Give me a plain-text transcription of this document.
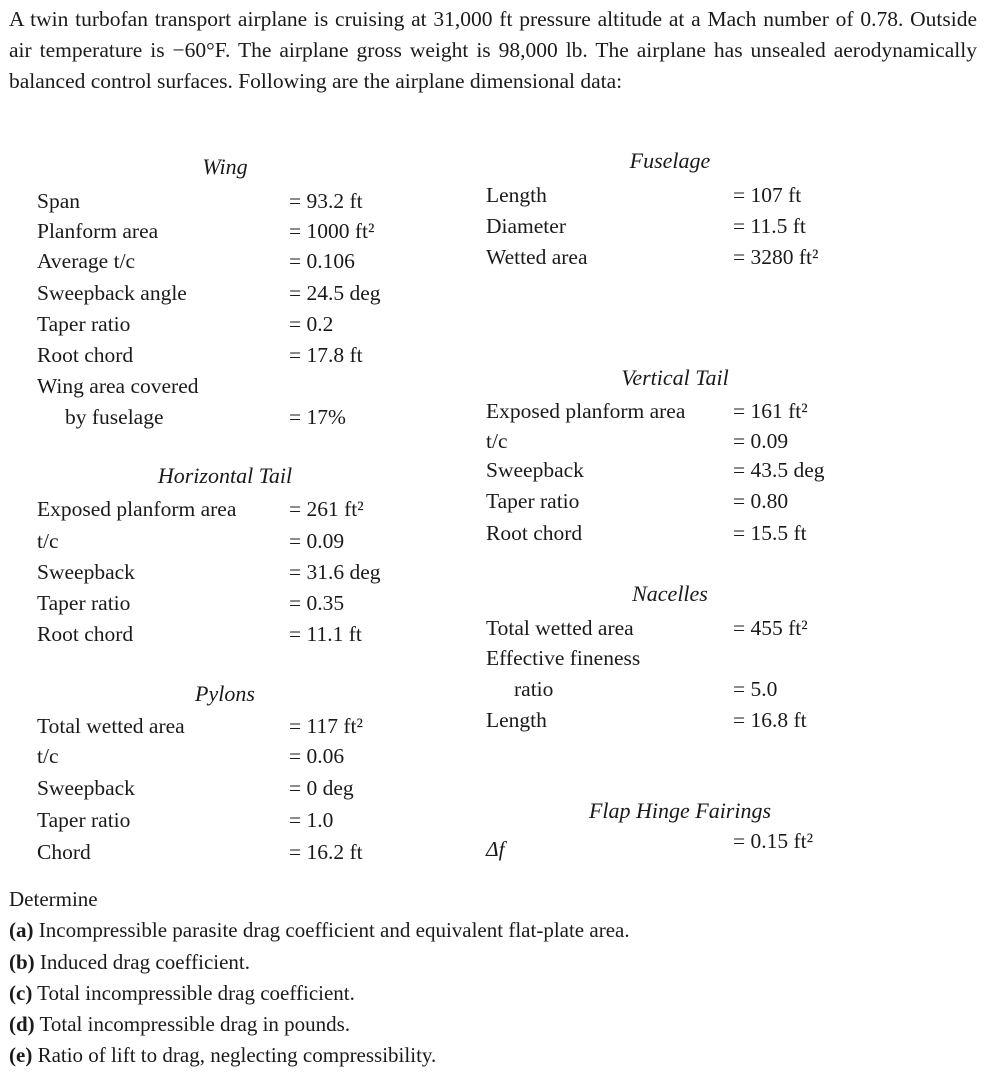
A twin turbofan transport airplane is cruising at 31,000 ft pressure altitude at a Mach number of 0.78. Outside air temperature is −60°F. The airplane gross weight is 98,000 lb. The airplane has unsealed aerodynamically balanced control surfaces. Following are the airplane dimensional data:
Wing
Span	= 93.2 ft
Planform area	= 1000 ft²
Average t/c	= 0.106
Sweepback angle	= 24.5 deg
Taper ratio	= 0.2
Root chord	= 17.8 ft
Wing area covered
by fuselage	= 17%
Horizontal Tail
Exposed planform area = 261 ft²
t/c	= 0.09
Sweepback	= 31.6 deg
Taper ratio	= 0.35
Root chord	= 11.1 ft
Pylons
Total wetted area	= 117 ft²
t/c	= 0.06
Sweepback	= 0 deg
Taper ratio	= 1.0
Chord	= 16.2 ft
Fuselage
Length	= 107 ft
Diameter	= 11.5 ft
Wetted area	= 3280 ft²
Vertical Tail
Exposed planform area = 161 ft²
t/c	= 0.09
Sweepback	= 43.5 deg
Taper ratio	= 0.80
Root chord	= 15.5 ft
Nacelles
Total wetted area	= 455 ft²
Effective fineness
ratio	= 5.0
Length	= 16.8 ft
Flap Hinge Fairings
Δf	= 0.15 ft²
Determine
(a) Incompressible parasite drag coefficient and equivalent flat-plate area.
(b) Induced drag coefficient.
(c) Total incompressible drag coefficient.
(d) Total incompressible drag in pounds.
(e) Ratio of lift to drag, neglecting compressibility.
